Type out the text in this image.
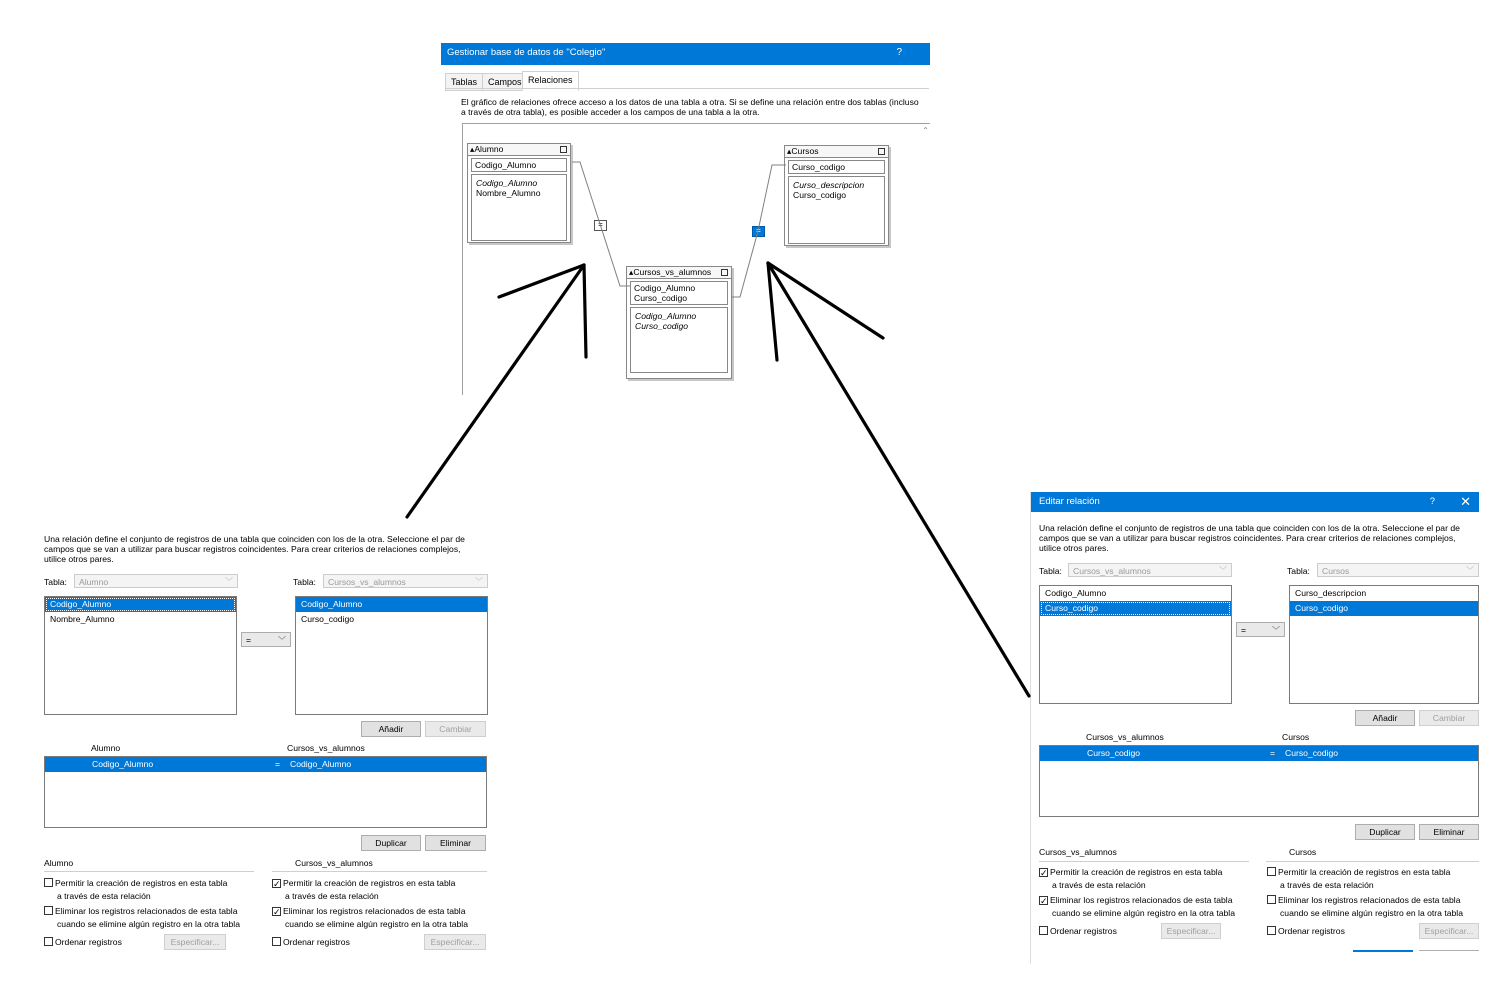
Gestionar base de datos de "Colegio"	?
Tablas	Campos Relaciones
El gráfico de relaciones ofrece acceso a los datos de una tabla a otra. Si se define una relación entre dos tablas (incluso a través de otra tabla), es posible acceder a los campos de una tabla a la otra.
⌃
▴Alumno
Codigo_Alumno
Codigo_Alumno
Nombre_Alumno
▴Cursos
Curso_codigo
Curso_descripcion
Curso_codigo
▴Cursos_vs_alumnos
Codigo_Alumno
Curso_codigo
Codigo_Alumno
Curso_codigo
=
=
Una relación define el conjunto de registros de una tabla que coinciden con los de la otra. Seleccione el par de campos que se van a utilizar para buscar registros coincidentes. Para crear criterios de relaciones complejos, utilice otros pares.
Tabla:	Alumno	﹀	Tabla:	Cursos_vs_alumnos	﹀
Codigo_Alumno
Nombre_Alumno
=	﹀
Codigo_Alumno
Curso_codigo
Añadir	Cambiar
Alumno	Cursos_vs_alumnos
Codigo_Alumno	= Codigo_Alumno
Duplicar	Eliminar
Alumno	Cursos_vs_alumnos
Permitir la creación de registros en esta tabla
a través de esta relación
Eliminar los registros relacionados de esta tabla
cuando se elimine algún registro en la otra tabla
Ordenar registros	Especificar...
✓ Permitir la creación de registros en esta tabla
a través de esta relación
✓ Eliminar los registros relacionados de esta tabla
cuando se elimine algún registro en la otra tabla
Ordenar registros	Especificar...
Editar relación	? ✕
Una relación define el conjunto de registros de una tabla que coinciden con los de la otra. Seleccione el par de campos que se van a utilizar para buscar registros coincidentes. Para crear criterios de relaciones complejos, utilice otros pares.
Tabla:	Cursos_vs_alumnos	﹀	Tabla:	Cursos	﹀
Codigo_Alumno
Curso_codigo
=	﹀
Curso_descripcion
Curso_codigo
Añadir	Cambiar
Cursos_vs_alumnos	Cursos
Curso_codigo	= Curso_codigo
Duplicar	Eliminar
Cursos_vs_alumnos	Cursos
✓ Permitir la creación de registros en esta tabla
a través de esta relación
✓ Eliminar los registros relacionados de esta tabla
cuando se elimine algún registro en la otra tabla
Ordenar registros	Especificar...
Permitir la creación de registros en esta tabla
a través de esta relación
Eliminar los registros relacionados de esta tabla
cuando se elimine algún registro en la otra tabla
Ordenar registros	Especificar...
